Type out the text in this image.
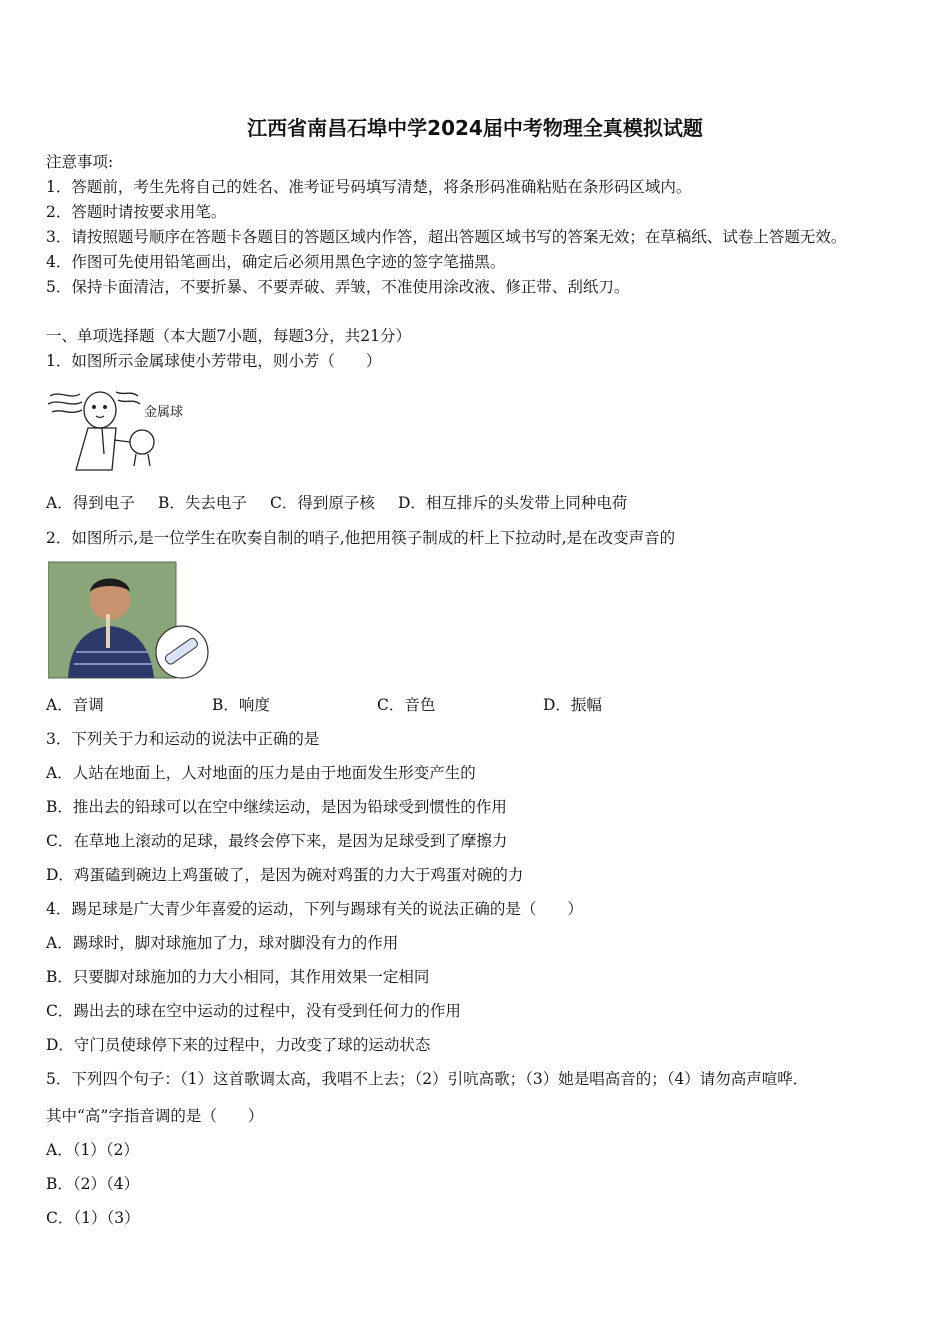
江西省南昌石埠中学2024届中考物理全真模拟试题
注意事项:
1．答题前，考生先将自己的姓名、准考证号码填写清楚，将条形码准确粘贴在条形码区域内。
2．答题时请按要求用笔。
3．请按照题号顺序在答题卡各题目的答题区域内作答，超出答题区域书写的答案无效；在草稿纸、试卷上答题无效。
4．作图可先使用铅笔画出，确定后必须用黑色字迹的签字笔描黑。
5．保持卡面清洁，不要折暴、不要弄破、弄皱，不准使用涂改液、修正带、刮纸刀。
一、单项选择题（本大题7小题，每题3分，共21分）
1．如图所示金属球使小芳带电，则小芳（　　）
金属球
A．得到电子 B．失去电子 C．得到原子核 D．相互排斥的头发带上同种电荷
2．如图所示,是一位学生在吹奏自制的哨子,他把用筷子制成的杆上下拉动时,是在改变声音的
A．音调	B．响度	C．音色	D．振幅
3．下列关于力和运动的说法中正确的是
A．人站在地面上，人对地面的压力是由于地面发生形变产生的
B．推出去的铅球可以在空中继续运动，是因为铅球受到惯性的作用
C．在草地上滚动的足球，最终会停下来，是因为足球受到了摩擦力
D．鸡蛋磕到碗边上鸡蛋破了，是因为碗对鸡蛋的力大于鸡蛋对碗的力
4．踢足球是广大青少年喜爱的运动，下列与踢球有关的说法正确的是（　　）
A．踢球时，脚对球施加了力，球对脚没有力的作用
B．只要脚对球施加的力大小相同，其作用效果一定相同
C．踢出去的球在空中运动的过程中，没有受到任何力的作用
D．守门员使球停下来的过程中，力改变了球的运动状态
5．下列四个句子：（1）这首歌调太高，我唱不上去；（2）引吭高歌；（3）她是唱高音的；（4）请勿高声喧哗．
其中“高”字指音调的是（　　）
A．（1）（2）
B．（2）（4）
C．（1）（3）
